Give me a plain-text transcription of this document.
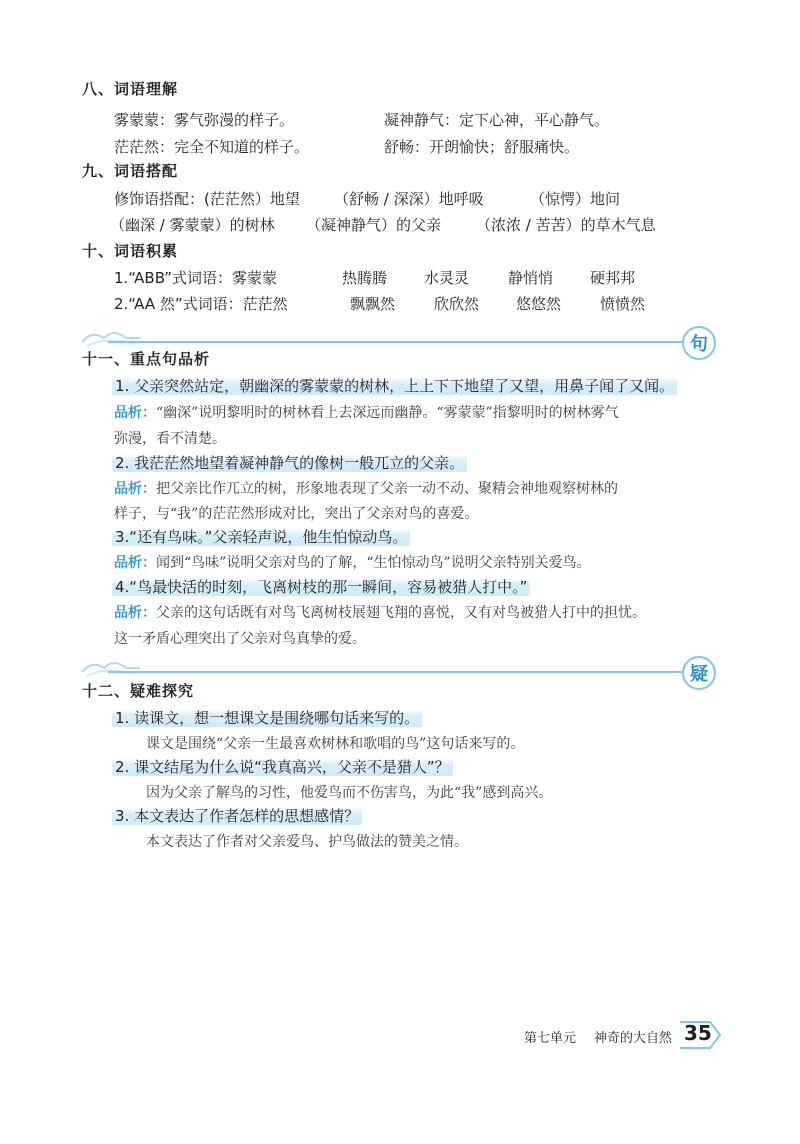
八、词语理解
雾蒙蒙：雾气弥漫的样子。	凝神静气：定下心神，平心静气。
茫茫然：完全不知道的样子。	舒畅：开朗愉快；舒服痛快。
九、词语搭配
修饰语搭配：(茫茫然）地望 （舒畅 / 深深）地呼吸	（惊愕）地问
（幽深 / 雾蒙蒙）的树林 （凝神静气）的父亲 （浓浓 / 苦苦）的草木气息
十、词语积累
1.“ABB”式词语：雾蒙蒙	热腾腾 水灵灵	静悄悄 硬邦邦
2.“AA 然”式词语：茫茫然	飘飘然	欣欣然 悠悠然	愤愤然
句
十一、重点句品析
1. 父亲突然站定，朝幽深的雾蒙蒙的树林，上上下下地望了又望，用鼻子闻了又闻。
品析：“幽深”说明黎明时的树林看上去深远而幽静。“雾蒙蒙”指黎明时的树林雾气
弥漫，看不清楚。
2. 我茫茫然地望着凝神静气的像树一般兀立的父亲。
品析：把父亲比作兀立的树，形象地表现了父亲一动不动、聚精会神地观察树林的
样子，与“我”的茫茫然形成对比，突出了父亲对鸟的喜爱。
3.“还有鸟味。”父亲轻声说，他生怕惊动鸟。
品析：闻到“鸟味”说明父亲对鸟的了解，“生怕惊动鸟”说明父亲特别关爱鸟。
4.“鸟最快活的时刻，飞离树枝的那一瞬间，容易被猎人打中。”
品析：父亲的这句话既有对鸟飞离树枝展翅飞翔的喜悦，又有对鸟被猎人打中的担忧。
这一矛盾心理突出了父亲对鸟真挚的爱。
疑
十二、疑难探究
1. 读课文，想一想课文是围绕哪句话来写的。
课文是围绕“父亲一生最喜欢树林和歌唱的鸟”这句话来写的。
2. 课文结尾为什么说“我真高兴，父亲不是猎人”？
因为父亲了解鸟的习性，他爱鸟而不伤害鸟，为此“我”感到高兴。
3. 本文表达了作者怎样的思想感情？
本文表达了作者对父亲爱鸟、护鸟做法的赞美之情。
第七单元 神奇的大自然 35
